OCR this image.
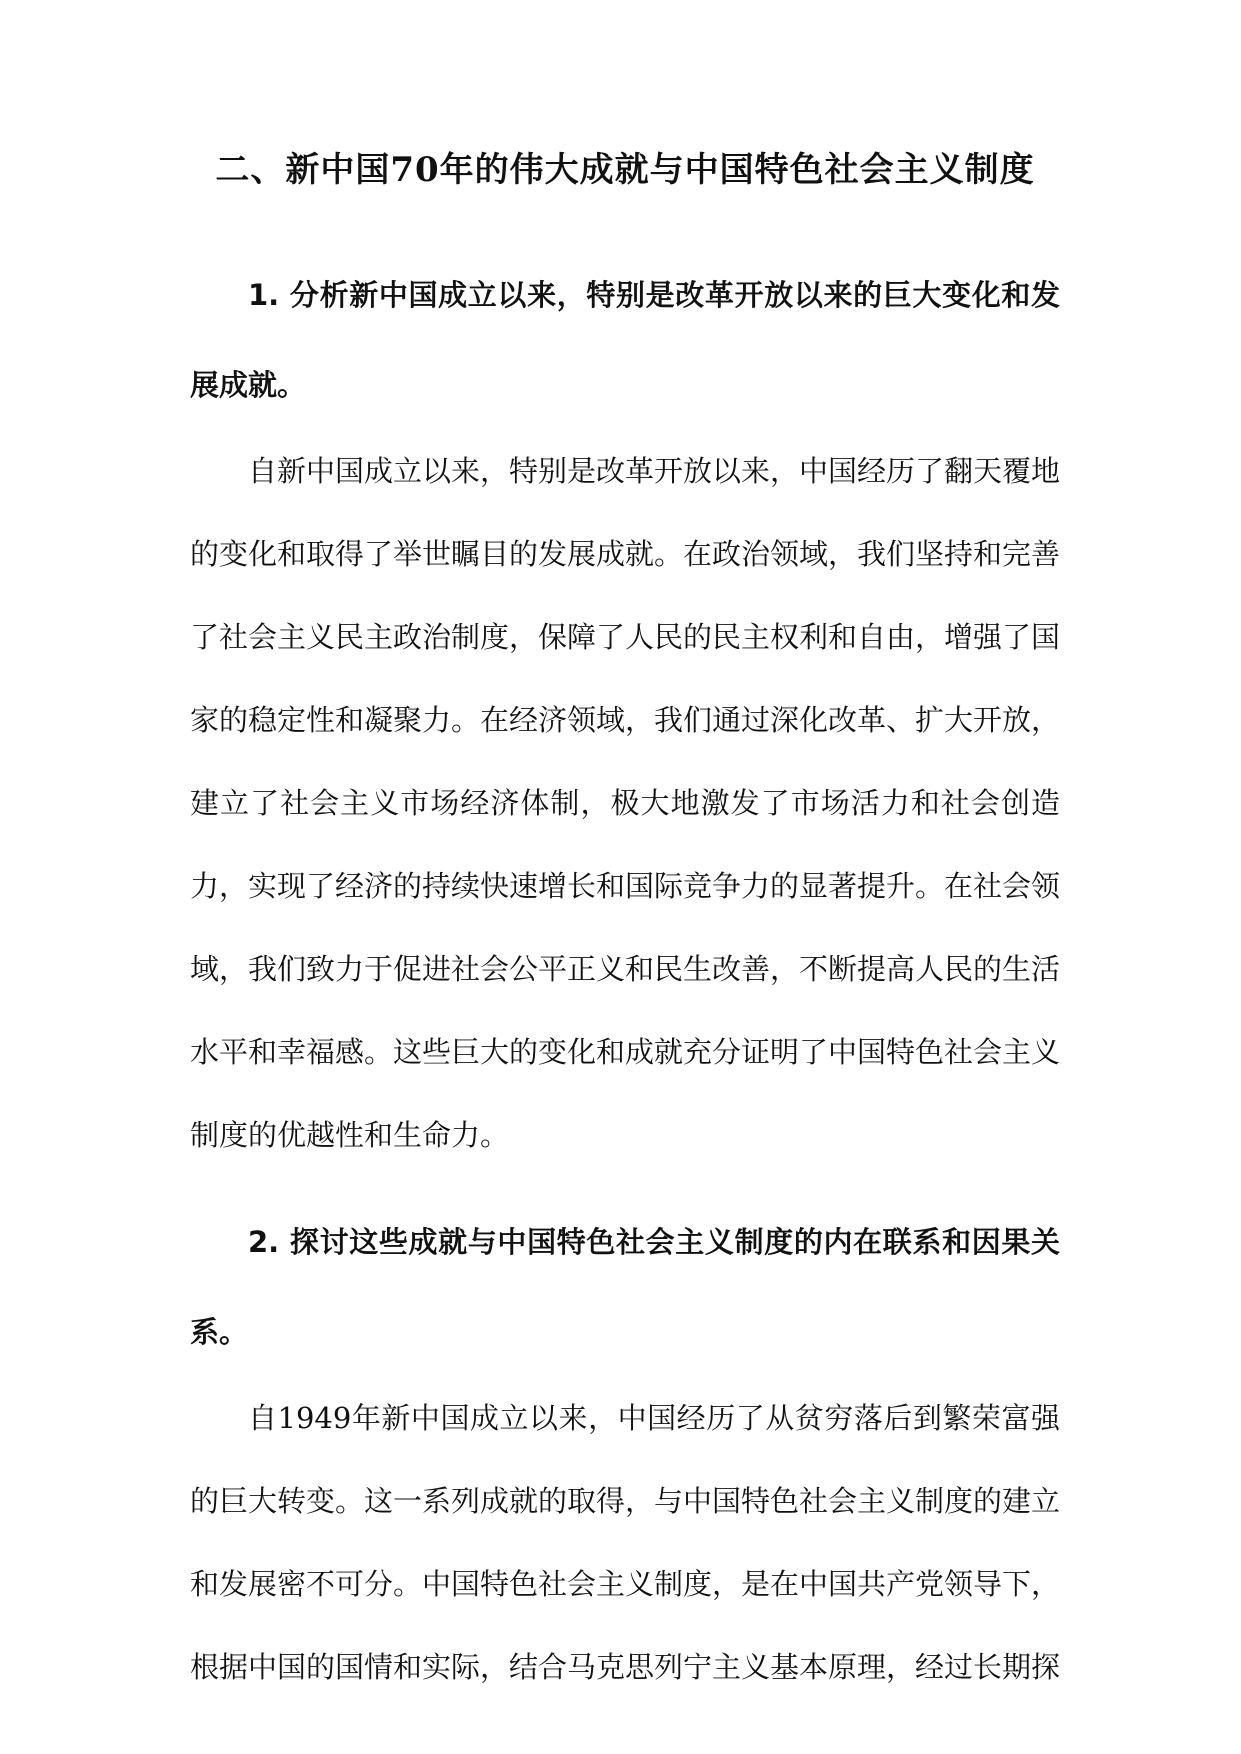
二、新中国70年的伟大成就与中国特色社会主义制度

1. 分析新中国成立以来，特别是改革开放以来的巨大变化和发展成就。

自新中国成立以来，特别是改革开放以来，中国经历了翻天覆地的变化和取得了举世瞩目的发展成就。在政治领域，我们坚持和完善了社会主义民主政治制度，保障了人民的民主权利和自由，增强了国家的稳定性和凝聚力。在经济领域，我们通过深化改革、扩大开放，建立了社会主义市场经济体制，极大地激发了市场活力和社会创造力，实现了经济的持续快速增长和国际竞争力的显著提升。在社会领域，我们致力于促进社会公平正义和民生改善，不断提高人民的生活水平和幸福感。这些巨大的变化和成就充分证明了中国特色社会主义制度的优越性和生命力。

2. 探讨这些成就与中国特色社会主义制度的内在联系和因果关系。

自1949年新中国成立以来，中国经历了从贫穷落后到繁荣富强的巨大转变。这一系列成就的取得，与中国特色社会主义制度的建立和发展密不可分。中国特色社会主义制度，是在中国共产党领导下，根据中国的国情和实际，结合马克思列宁主义基本原理，经过长期探
